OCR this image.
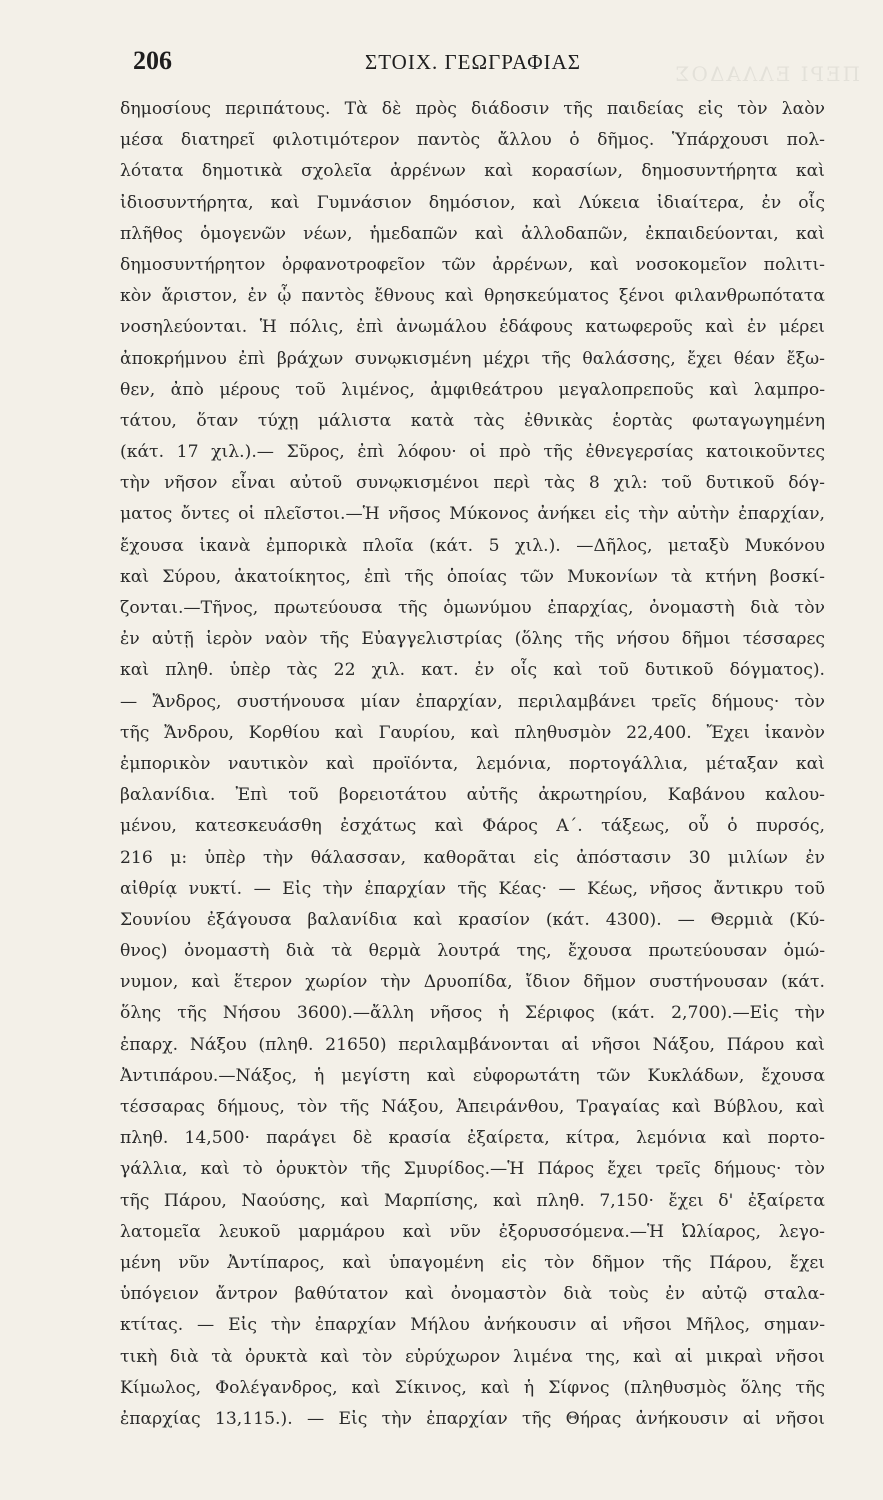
ΠΕΡΙ ΕΛΛΑΔΟΣ
206	ΣΤΟΙΧ. ΓΕΩΓΡΑΦΙΑΣ
δημοσίους περιπάτους. Τὰ δὲ πρὸς διάδοσιν τῆς παιδείας εἰς τὸν λαὸν
μέσα διατηρεῖ φιλοτιμότερον παντὸς ἄλλου ὁ δῆμος. Ὑπάρχουσι πολ-
λότατα δημοτικὰ σχολεῖα ἀρρένων καὶ κορασίων, δημοσυντήρητα καὶ
ἰδιοσυντήρητα, καὶ Γυμνάσιον δημόσιον, καὶ Λύκεια ἰδιαίτερα, ἐν οἷς
πλῆθος ὁμογενῶν νέων, ἡμεδαπῶν καὶ ἀλλοδαπῶν, ἐκπαιδεύονται, καὶ
δημοσυντήρητον ὀρφανοτροφεῖον τῶν ἀρρένων, καὶ νοσοκομεῖον πολιτι-
κὸν ἄριστον, ἐν ᾧ παντὸς ἔθνους καὶ θρησκεύματος ξένοι φιλανθρωπότατα
νοσηλεύονται. Ἡ πόλις, ἐπὶ ἀνωμάλου ἐδάφους κατωφεροῦς καὶ ἐν μέρει
ἀποκρήμνου ἐπὶ βράχων συνῳκισμένη μέχρι τῆς θαλάσσης, ἔχει θέαν ἔξω-
θεν, ἀπὸ μέρους τοῦ λιμένος, ἀμφιθεάτρου μεγαλοπρεποῦς καὶ λαμπρο-
τάτου, ὅταν τύχῃ μάλιστα κατὰ τὰς ἐθνικὰς ἑορτὰς φωταγωγημένη
(κάτ. 17 χιλ.).— Σῦρος, ἐπὶ λόφου· οἱ πρὸ τῆς ἐθνεγερσίας κατοικοῦντες
τὴν νῆσον εἶναι αὐτοῦ συνῳκισμένοι περὶ τὰς 8 χιλ: τοῦ δυτικοῦ δόγ-
ματος ὄντες οἱ πλεῖστοι.—Ἡ νῆσος Μύκονος ἀνήκει εἰς τὴν αὐτὴν ἐπαρχίαν,
ἔχουσα ἱκανὰ ἐμπορικὰ πλοῖα (κάτ. 5 χιλ.). —Δῆλος, μεταξὺ Μυκόνου
καὶ Σύρου, ἀκατοίκητος, ἐπὶ τῆς ὁποίας τῶν Μυκονίων τὰ κτήνη βοσκί-
ζονται.—Τῆνος, πρωτεύουσα τῆς ὁμωνύμου ἐπαρχίας, ὀνομαστὴ διὰ τὸν
ἐν αὐτῇ ἱερὸν ναὸν τῆς Εὐαγγελιστρίας (ὅλης τῆς νήσου δῆμοι τέσσαρες
καὶ πληθ. ὑπὲρ τὰς 22 χιλ. κατ. ἐν οἷς καὶ τοῦ δυτικοῦ δόγματος).
— Ἄνδρος, συστήνουσα μίαν ἐπαρχίαν, περιλαμβάνει τρεῖς δήμους· τὸν
τῆς Ἄνδρου, Κορθίου καὶ Γαυρίου, καὶ πληθυσμὸν 22,400. Ἔχει ἱκανὸν
ἐμπορικὸν ναυτικὸν καὶ προϊόντα, λεμόνια, πορτογάλλια, μέταξαν καὶ
βαλανίδια. Ἐπὶ τοῦ βορειοτάτου αὐτῆς ἀκρωτηρίου, Καβάνου καλου-
μένου, κατεσκευάσθη ἐσχάτως καὶ Φάρος Α΄. τάξεως, οὗ ὁ πυρσός,
216 μ: ὑπὲρ τὴν θάλασσαν, καθορᾶται εἰς ἀπόστασιν 30 μιλίων ἐν
αἰθρίᾳ νυκτί. — Εἰς τὴν ἐπαρχίαν τῆς Κέας· — Κέως, νῆσος ἄντικρυ τοῦ
Σουνίου ἐξάγουσα βαλανίδια καὶ κρασίον (κάτ. 4300). — Θερμιὰ (Κύ-
θνος) ὀνομαστὴ διὰ τὰ θερμὰ λουτρά της, ἔχουσα πρωτεύουσαν ὁμώ-
νυμον, καὶ ἕτερον χωρίον τὴν Δρυοπίδα, ἴδιον δῆμον συστήνουσαν (κάτ.
ὅλης τῆς Νήσου 3600).—ἄλλη νῆσος ἡ Σέριφος (κάτ. 2,700).—Εἰς τὴν
ἐπαρχ. Νάξου (πληθ. 21650) περιλαμβάνονται αἱ νῆσοι Νάξου, Πάρου καὶ
Ἀντιπάρου.—Νάξος, ἡ μεγίστη καὶ εὐφορωτάτη τῶν Κυκλάδων, ἔχουσα
τέσσαρας δήμους, τὸν τῆς Νάξου, Ἀπειράνθου, Τραγαίας καὶ Βύβλου, καὶ
πληθ. 14,500· παράγει δὲ κρασία ἐξαίρετα, κίτρα, λεμόνια καὶ πορτο-
γάλλια, καὶ τὸ ὀρυκτὸν τῆς Σμυρίδος.—Ἡ Πάρος ἔχει τρεῖς δήμους· τὸν
τῆς Πάρου, Ναούσης, καὶ Μαρπίσης, καὶ πληθ. 7,150· ἔχει δ' ἐξαίρετα
λατομεῖα λευκοῦ μαρμάρου καὶ νῦν ἐξορυσσόμενα.—Ἡ Ὠλίαρος, λεγο-
μένη νῦν Ἀντίπαρος, καὶ ὑπαγομένη εἰς τὸν δῆμον τῆς Πάρου, ἔχει
ὑπόγειον ἄντρον βαθύτατον καὶ ὀνομαστὸν διὰ τοὺς ἐν αὐτῷ σταλα-
κτίτας. — Εἰς τὴν ἐπαρχίαν Μήλου ἀνήκουσιν αἱ νῆσοι Μῆλος, σημαν-
τικὴ διὰ τὰ ὀρυκτὰ καὶ τὸν εὐρύχωρον λιμένα της, καὶ αἱ μικραὶ νῆσοι
Κίμωλος, Φολέγανδρος, καὶ Σίκινος, καὶ ἡ Σίφνος (πληθυσμὸς ὅλης τῆς
ἐπαρχίας 13,115.). — Εἰς τὴν ἐπαρχίαν τῆς Θήρας ἀνήκουσιν αἱ νῆσοι
